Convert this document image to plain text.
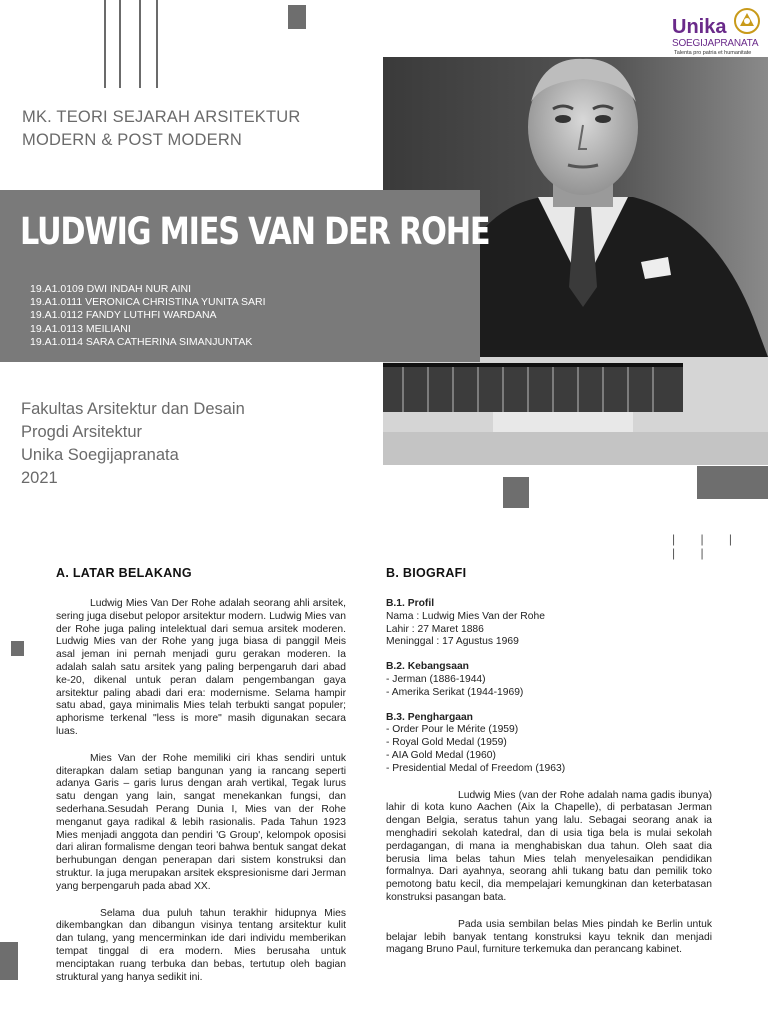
| | | | |
MK. TEORI SEJARAH ARSITEKTUR
MODERN & POST MODERN
LUDWIG MIES VAN DER ROHE
19.A1.0109 DWI INDAH NUR AINI
19.A1.0111 VERONICA CHRISTINA YUNITA SARI
19.A1.0112 FANDY LUTHFI WARDANA
19.A1.0113 MEILIANI
19.A1.0114 SARA CATHERINA SIMANJUNTAK
Fakultas Arsitektur dan Desain
Progdi Arsitektur
Unika Soegijapranata
2021
Unika
SOEGIJAPRANATA
Talenta pro patria et humanitate
A. LATAR BELAKANG
Ludwig Mies Van Der Rohe adalah seorang ahli arsitek, sering juga disebut pelopor arsitektur modern. Ludwig Mies van der Rohe juga paling intelektual dari semua arsitek moderen. Ludwig Mies van der Rohe yang juga biasa di panggil Meis asal jeman ini pernah menjadi guru gerakan moderen. Ia adalah salah satu arsitek yang paling berpengaruh dari abad ke-20, dikenal untuk peran dalam pengembangan gaya arsitektur paling abadi dari era: modernisme. Selama hampir satu abad, gaya minimalis Mies telah terbukti sangat populer; aphorisme terkenal "less is more" masih digunakan secara luas.
Mies Van der Rohe memiliki ciri khas sendiri untuk diterapkan dalam setiap bangunan yang ia rancang seperti adanya Garis – garis lurus dengan arah vertikal, Tegak lurus satu dengan yang lain, sangat menekankan fungsi, dan sederhana.Sesudah Perang Dunia I, Mies van der Rohe menganut gaya radikal & lebih rasionalis. Pada Tahun 1923 Mies menjadi anggota dan pendiri 'G Group', kelompok oposisi dari aliran formalisme dengan teori bahwa bentuk sangat dekat berhubungan dengan penerapan dari sistem konstruksi dan struktur. Ia juga merupakan arsitek ekspresionisme dari Jerman yang berpengaruh pada abad XX.
Selama dua puluh tahun terakhir hidupnya Mies dikembangkan dan dibangun visinya tentang arsitektur kulit dan tulang, yang mencerminkan ide dari individu memberikan tempat tinggal di era modern. Mies berusaha untuk menciptakan ruang terbuka dan bebas, tertutup oleh bagian struktural yang hanya sedikit ini.
B. BIOGRAFI
B.1. Profil
Nama : Ludwig Mies Van der Rohe
Lahir : 27 Maret 1886
Meninggal : 17 Agustus 1969
B.2. Kebangsaan
- Jerman (1886-1944)
- Amerika Serikat (1944-1969)
B.3. Penghargaan
- Order Pour le Mérite (1959)
- Royal Gold Medal (1959)
- AIA Gold Medal (1960)
- Presidential Medal of Freedom (1963)
Ludwig Mies (van der Rohe adalah nama gadis ibunya) lahir di kota kuno Aachen (Aix la Chapelle), di perbatasan Jerman dengan Belgia, seratus tahun yang lalu. Sebagai seorang anak ia menghadiri sekolah katedral, dan di usia tiga bela is mulai sekolah perdagangan, di mana ia menghabiskan dua tahun. Oleh saat dia berusia lima belas tahun Mies telah menyelesaikan pendidikan formalnya. Dari ayahnya, seorang ahli tukang batu dan pemilik toko pemotong batu kecil, dia mempelajari kemungkinan dan keterbatasan konstruksi pasangan bata.
Pada usia sembilan belas Mies pindah ke Berlin untuk belajar lebih banyak tentang konstruksi kayu teknik dan menjadi magang Bruno Paul, furniture terkemuka dan perancang kabinet.
